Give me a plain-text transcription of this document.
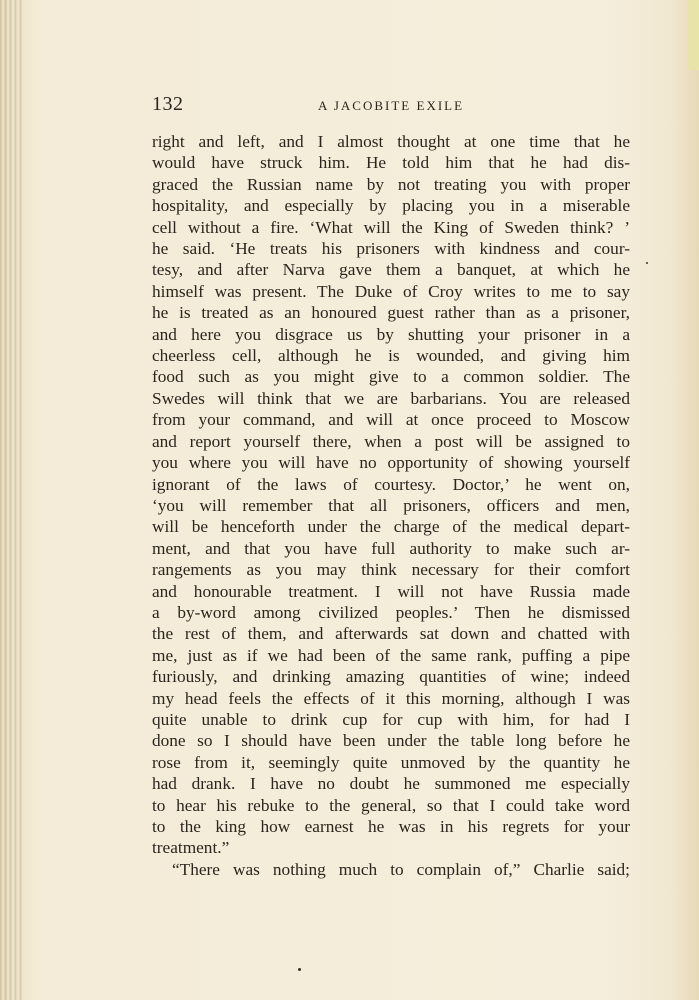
132	A JACOBITE EXILE
right and left, and I almost thought at one time that he
would have struck him. He told him that he had dis-
graced the Russian name by not treating you with proper
hospitality, and especially by placing you in a miserable
cell without a fire. ‘What will the King of Sweden think? ’
he said. ‘He treats his prisoners with kindness and cour-
tesy, and after Narva gave them a banquet, at which he
himself was present. The Duke of Croy writes to me to say
he is treated as an honoured guest rather than as a prisoner,
and here you disgrace us by shutting your prisoner in a
cheerless cell, although he is wounded, and giving him
food such as you might give to a common soldier. The
Swedes will think that we are barbarians. You are released
from your command, and will at once proceed to Moscow
and report yourself there, when a post will be assigned to
you where you will have no opportunity of showing yourself
ignorant of the laws of courtesy. Doctor,’ he went on,
‘you will remember that all prisoners, officers and men,
will be henceforth under the charge of the medical depart-
ment, and that you have full authority to make such ar-
rangements as you may think necessary for their comfort
and honourable treatment. I will not have Russia made
a by-word among civilized peoples.’ Then he dismissed
the rest of them, and afterwards sat down and chatted with
me, just as if we had been of the same rank, puffing a pipe
furiously, and drinking amazing quantities of wine; indeed
my head feels the effects of it this morning, although I was
quite unable to drink cup for cup with him, for had I
done so I should have been under the table long before he
rose from it, seemingly quite unmoved by the quantity he
had drank. I have no doubt he summoned me especially
to hear his rebuke to the general, so that I could take word
to the king how earnest he was in his regrets for your
treatment.”
“There was nothing much to complain of,” Charlie said;
